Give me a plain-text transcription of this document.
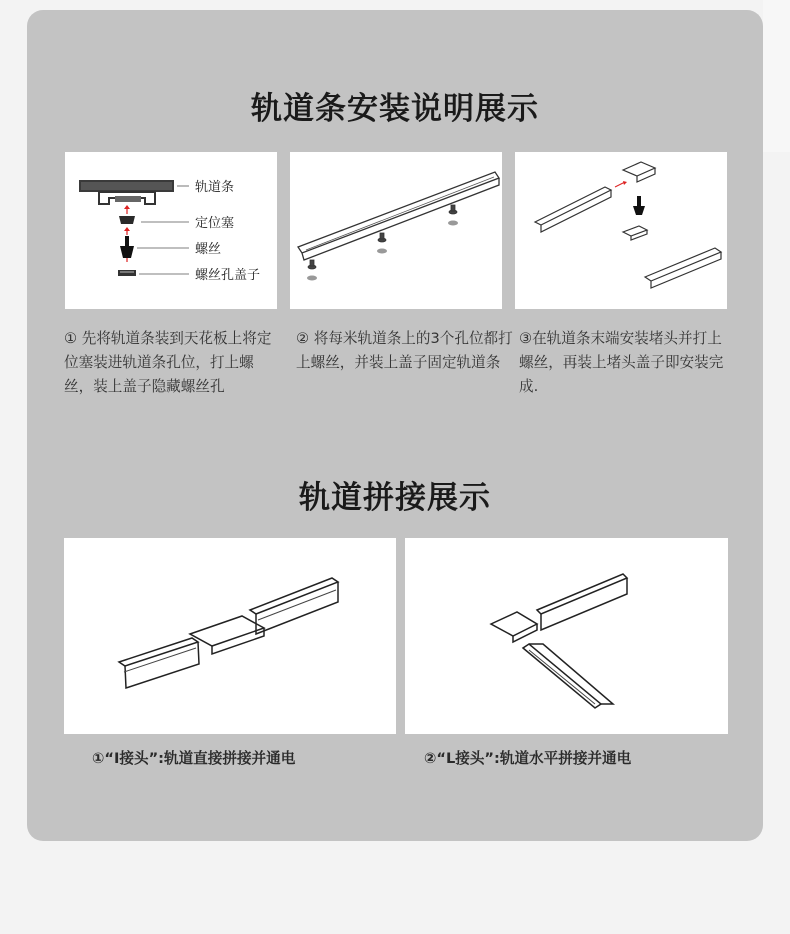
轨道条安装说明展示
轨道条
定位塞
螺丝
螺丝孔盖子
① 先将轨道条装到天花板上将定位塞装进轨道条孔位，打上螺丝，装上盖子隐藏螺丝孔
② 将每米轨道条上的3个孔位都打上螺丝，并装上盖子固定轨道条
③在轨道条末端安装堵头并打上螺丝，再装上堵头盖子即安装完成.
轨道拼接展示
①“I接头”:轨道直接拼接并通电	②“L接头”:轨道水平拼接并通电
